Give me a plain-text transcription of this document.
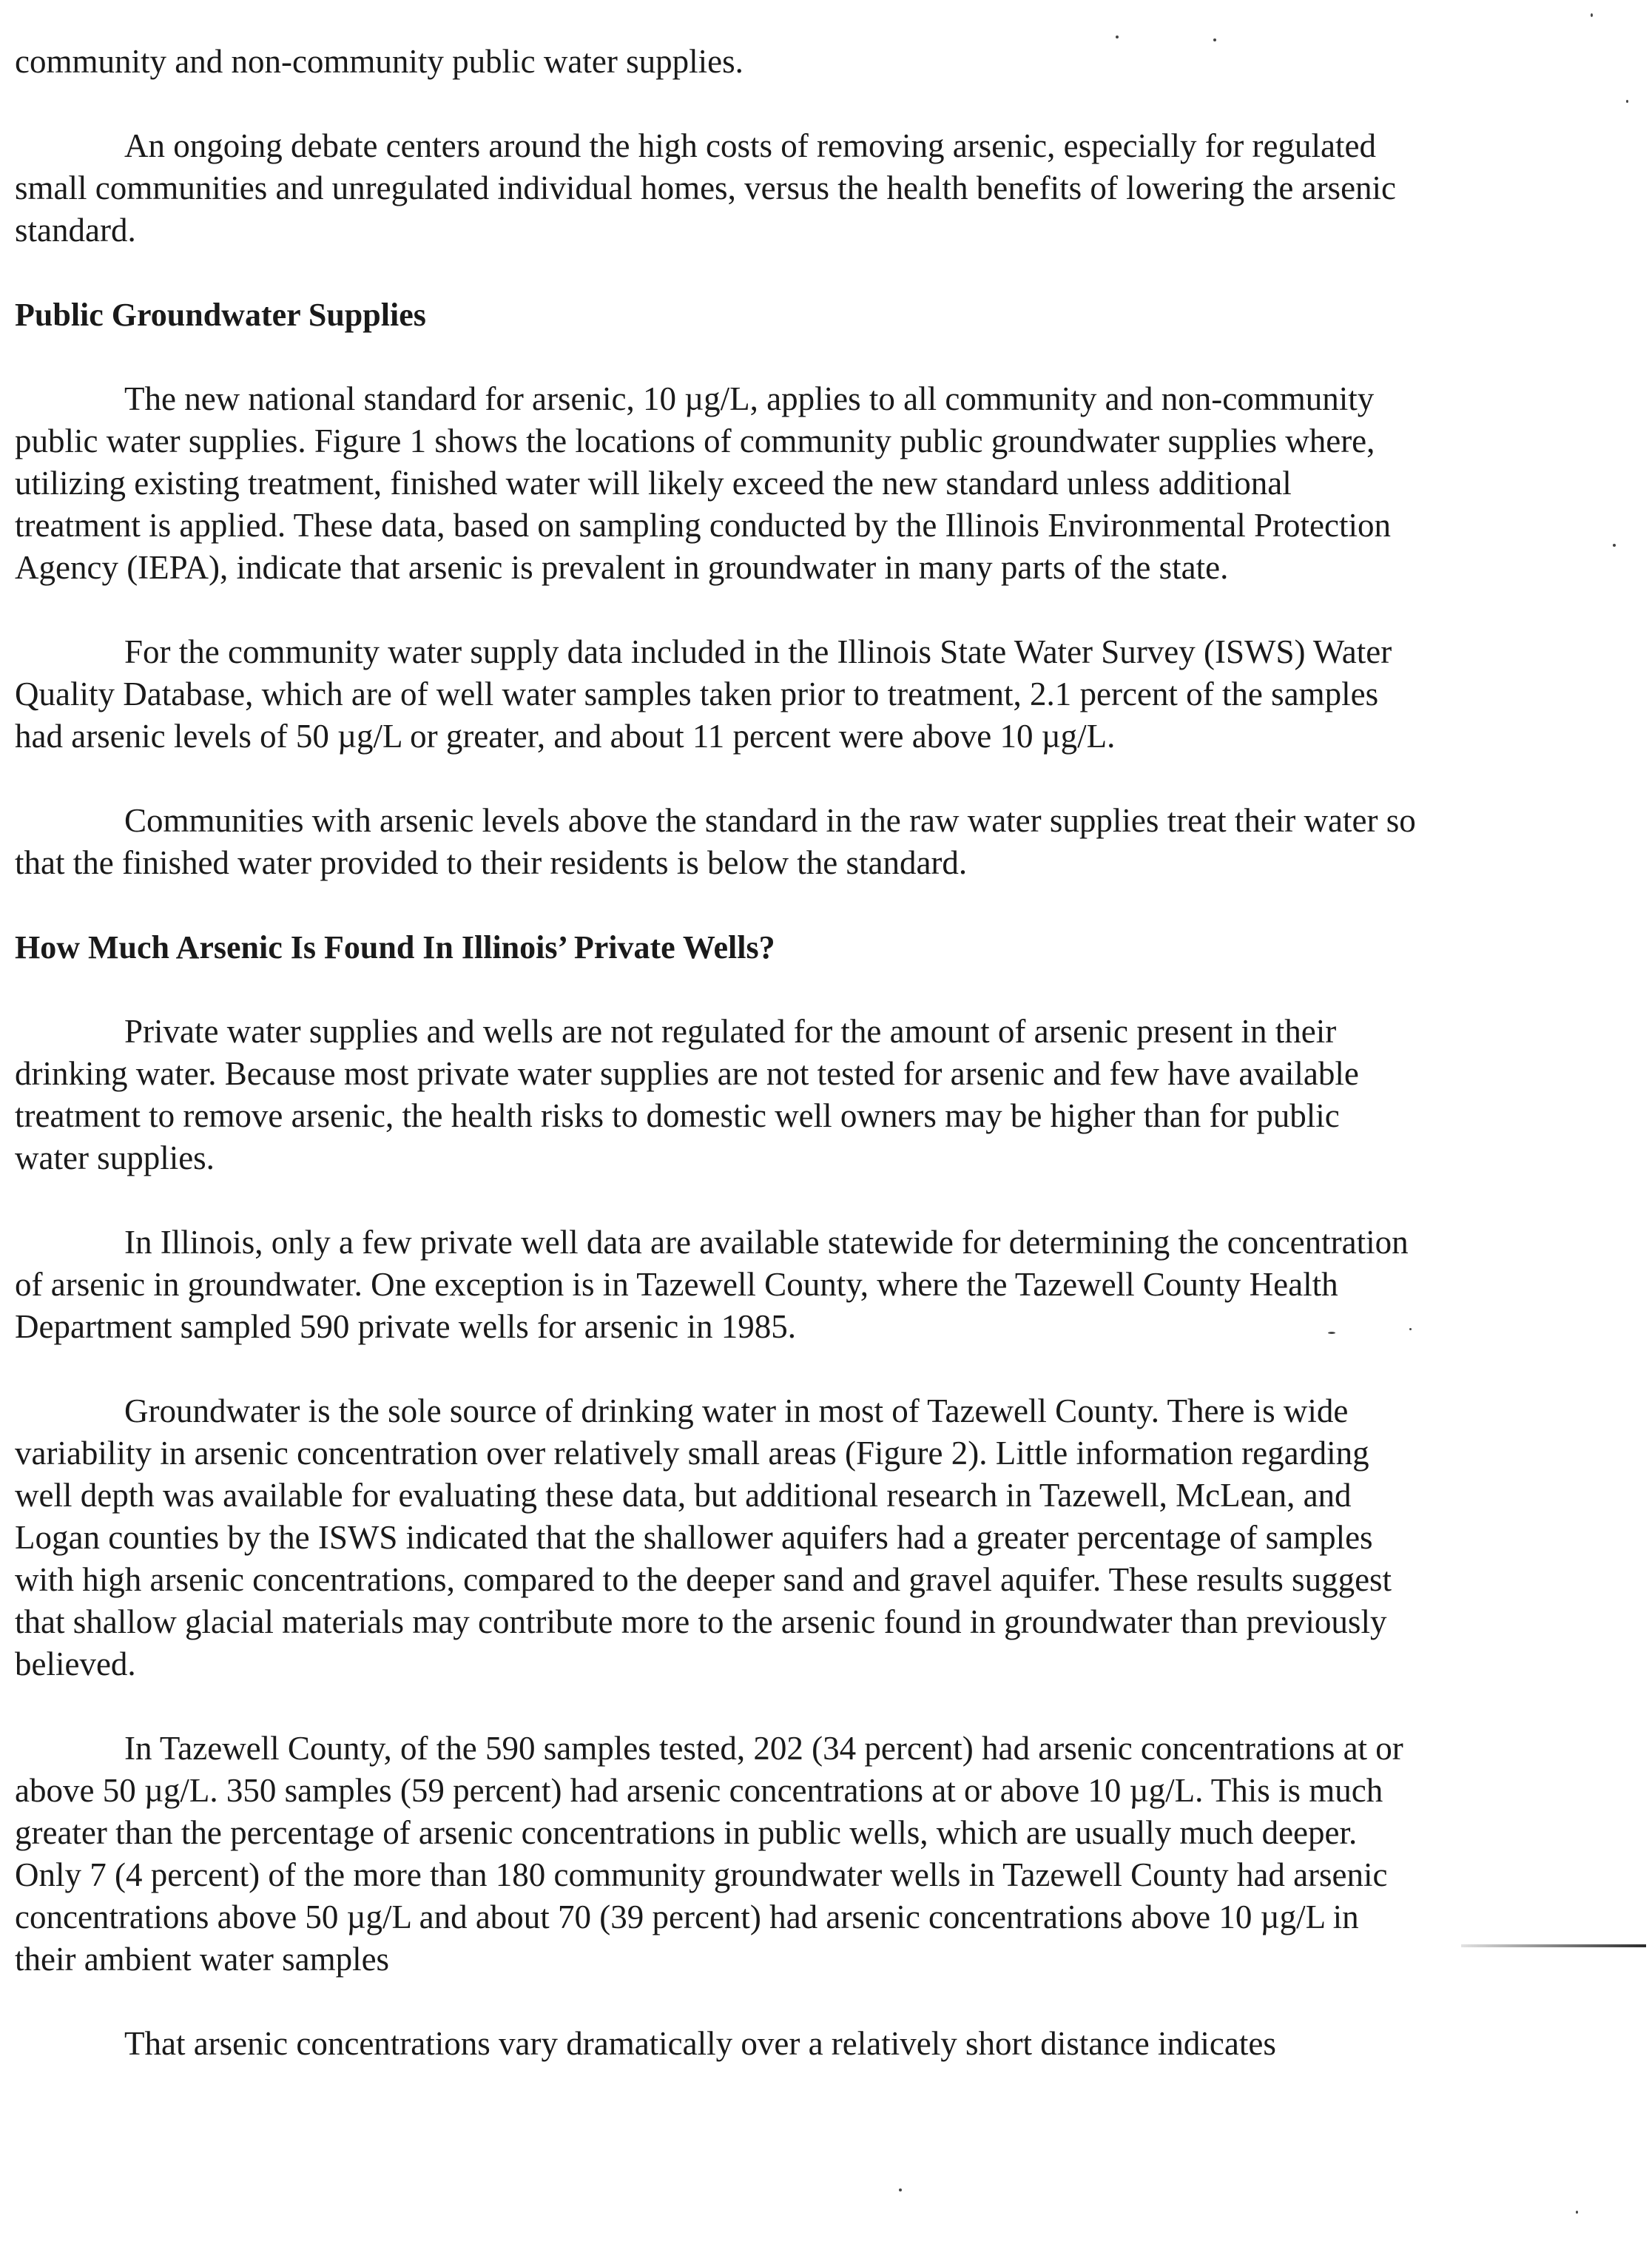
community and non-community public water supplies.

An ongoing debate centers around the high costs of removing arsenic, especially for regulated small communities and unregulated individual homes, versus the health benefits of lowering the arsenic standard.

Public Groundwater Supplies

The new national standard for arsenic, 10 µg/L, applies to all community and non-community public water supplies. Figure 1 shows the locations of community public groundwater supplies where, utilizing existing treatment, finished water will likely exceed the new standard unless additional treatment is applied. These data, based on sampling conducted by the Illinois Environmental Protection Agency (IEPA), indicate that arsenic is prevalent in groundwater in many parts of the state.

For the community water supply data included in the Illinois State Water Survey (ISWS) Water Quality Database, which are of well water samples taken prior to treatment, 2.1 percent of the samples had arsenic levels of 50 µg/L or greater, and about 11 percent were above 10 µg/L.

Communities with arsenic levels above the standard in the raw water supplies treat their water so that the finished water provided to their residents is below the standard.

How Much Arsenic Is Found In Illinois’ Private Wells?

Private water supplies and wells are not regulated for the amount of arsenic present in their drinking water. Because most private water supplies are not tested for arsenic and few have available treatment to remove arsenic, the health risks to domestic well owners may be higher than for public water supplies.

In Illinois, only a few private well data are available statewide for determining the concentration of arsenic in groundwater. One exception is in Tazewell County, where the Tazewell County Health Department sampled 590 private wells for arsenic in 1985.

Groundwater is the sole source of drinking water in most of Tazewell County. There is wide variability in arsenic concentration over relatively small areas (Figure 2). Little information regarding well depth was available for evaluating these data, but additional research in Tazewell, McLean, and Logan counties by the ISWS indicated that the shallower aquifers had a greater percentage of samples with high arsenic concentrations, compared to the deeper sand and gravel aquifer. These results suggest that shallow glacial materials may contribute more to the arsenic found in groundwater than previously believed.

In Tazewell County, of the 590 samples tested, 202 (34 percent) had arsenic concentrations at or above 50 µg/L. 350 samples (59 percent) had arsenic concentrations at or above 10 µg/L. This is much greater than the percentage of arsenic concentrations in public wells, which are usually much deeper. Only 7 (4 percent) of the more than 180 community groundwater wells in Tazewell County had arsenic concentrations above 50 µg/L and about 70 (39 percent) had arsenic concentrations above 10 µg/L in their ambient water samples

That arsenic concentrations vary dramatically over a relatively short distance indicates
